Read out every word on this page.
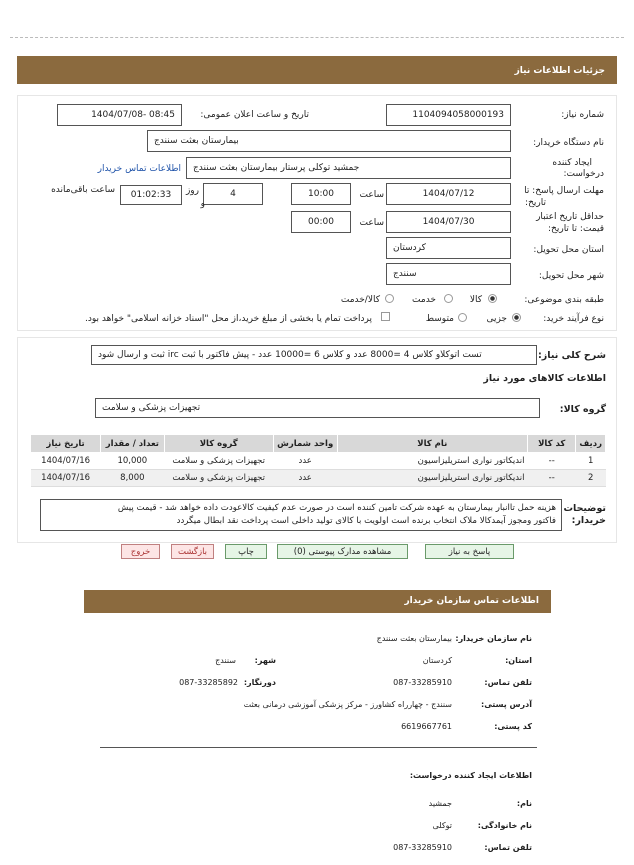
جزئیات اطلاعات نیاز
شماره نیاز:
1104094058000193
تاریخ و ساعت اعلان عمومی:
1404/07/08- 08:45
نام دستگاه خریدار:
بیمارستان بعثت سنندج
ایجاد کننده
درخواست:
جمشید توکلی پرستار بیمارستان بعثت سنندج
اطلاعات تماس خریدار
مهلت ارسال پاسخ: تا
تاریخ:
1404/07/12
ساعت
10:00
4
روز
و
01:02:33
ساعت باقی‌مانده
حداقل تاریخ اعتبار
قیمت: تا تاریخ:
1404/07/30
ساعت
00:00
استان محل تحویل:
کردستان
شهر محل تحویل:
سنندج
طبقه بندی موضوعی:
کالا
خدمت
کالا/خدمت
نوع فرآیند خرید:
جزیی
متوسط
پرداخت تمام یا بخشی از مبلغ خرید،از محل "اسناد خزانه اسلامی" خواهد بود.
شرح کلی نیاز:
تست اتوکلاو کلاس 4 =8000 عدد و کلاس 6 =10000 عدد - پیش فاکتور با ثبت irc ثبت و ارسال شود
اطلاعات کالاهای مورد نیاز
گروه کالا:
تجهیزات پزشکی و سلامت
ردیف	کد کالا	نام کالا	واحد شمارش	گروه کالا	تعداد / مقدار	تاریخ نیاز
1	--	اندیکاتور نواری استریلیزاسیون	عدد	تجهیزات پزشکی و سلامت	10,000	1404/07/16
2	--	اندیکاتور نواری استریلیزاسیون	عدد	تجهیزات پزشکی و سلامت	8,000	1404/07/16
توضیحات
خریدار:
هزینه حمل تاانبار بیمارستان به عهده شرکت تامین کننده است در صورت عدم کیفیت کالاعودت داده خواهد شد - قیمت پیش
فاکتور ومجوز آیمدکالا ملاک انتخاب برنده است اولویت با کالای تولید داخلی است پرداخت نقد ابطال میگردد
پاسخ به نیاز
مشاهده مدارک پیوستی (0)
چاپ
بازگشت
خروج
اطلاعات تماس سازمان خریدار
نام سازمان خریدار:
بیمارستان بعثت سنندج
استان:
کردستان
شهر:
سنندج
تلفن تماس:
087-33285910
دورنگار:
087-33285892
آدرس پستی:
سنندج - چهارراه کشاورز - مرکز پزشکی آموزشی درمانی بعثت
کد پستی:
6619667761
اطلاعات ایجاد کننده درخواست:
نام:
جمشید
نام خانوادگی:
توکلی
تلفن تماس:
087-33285910
